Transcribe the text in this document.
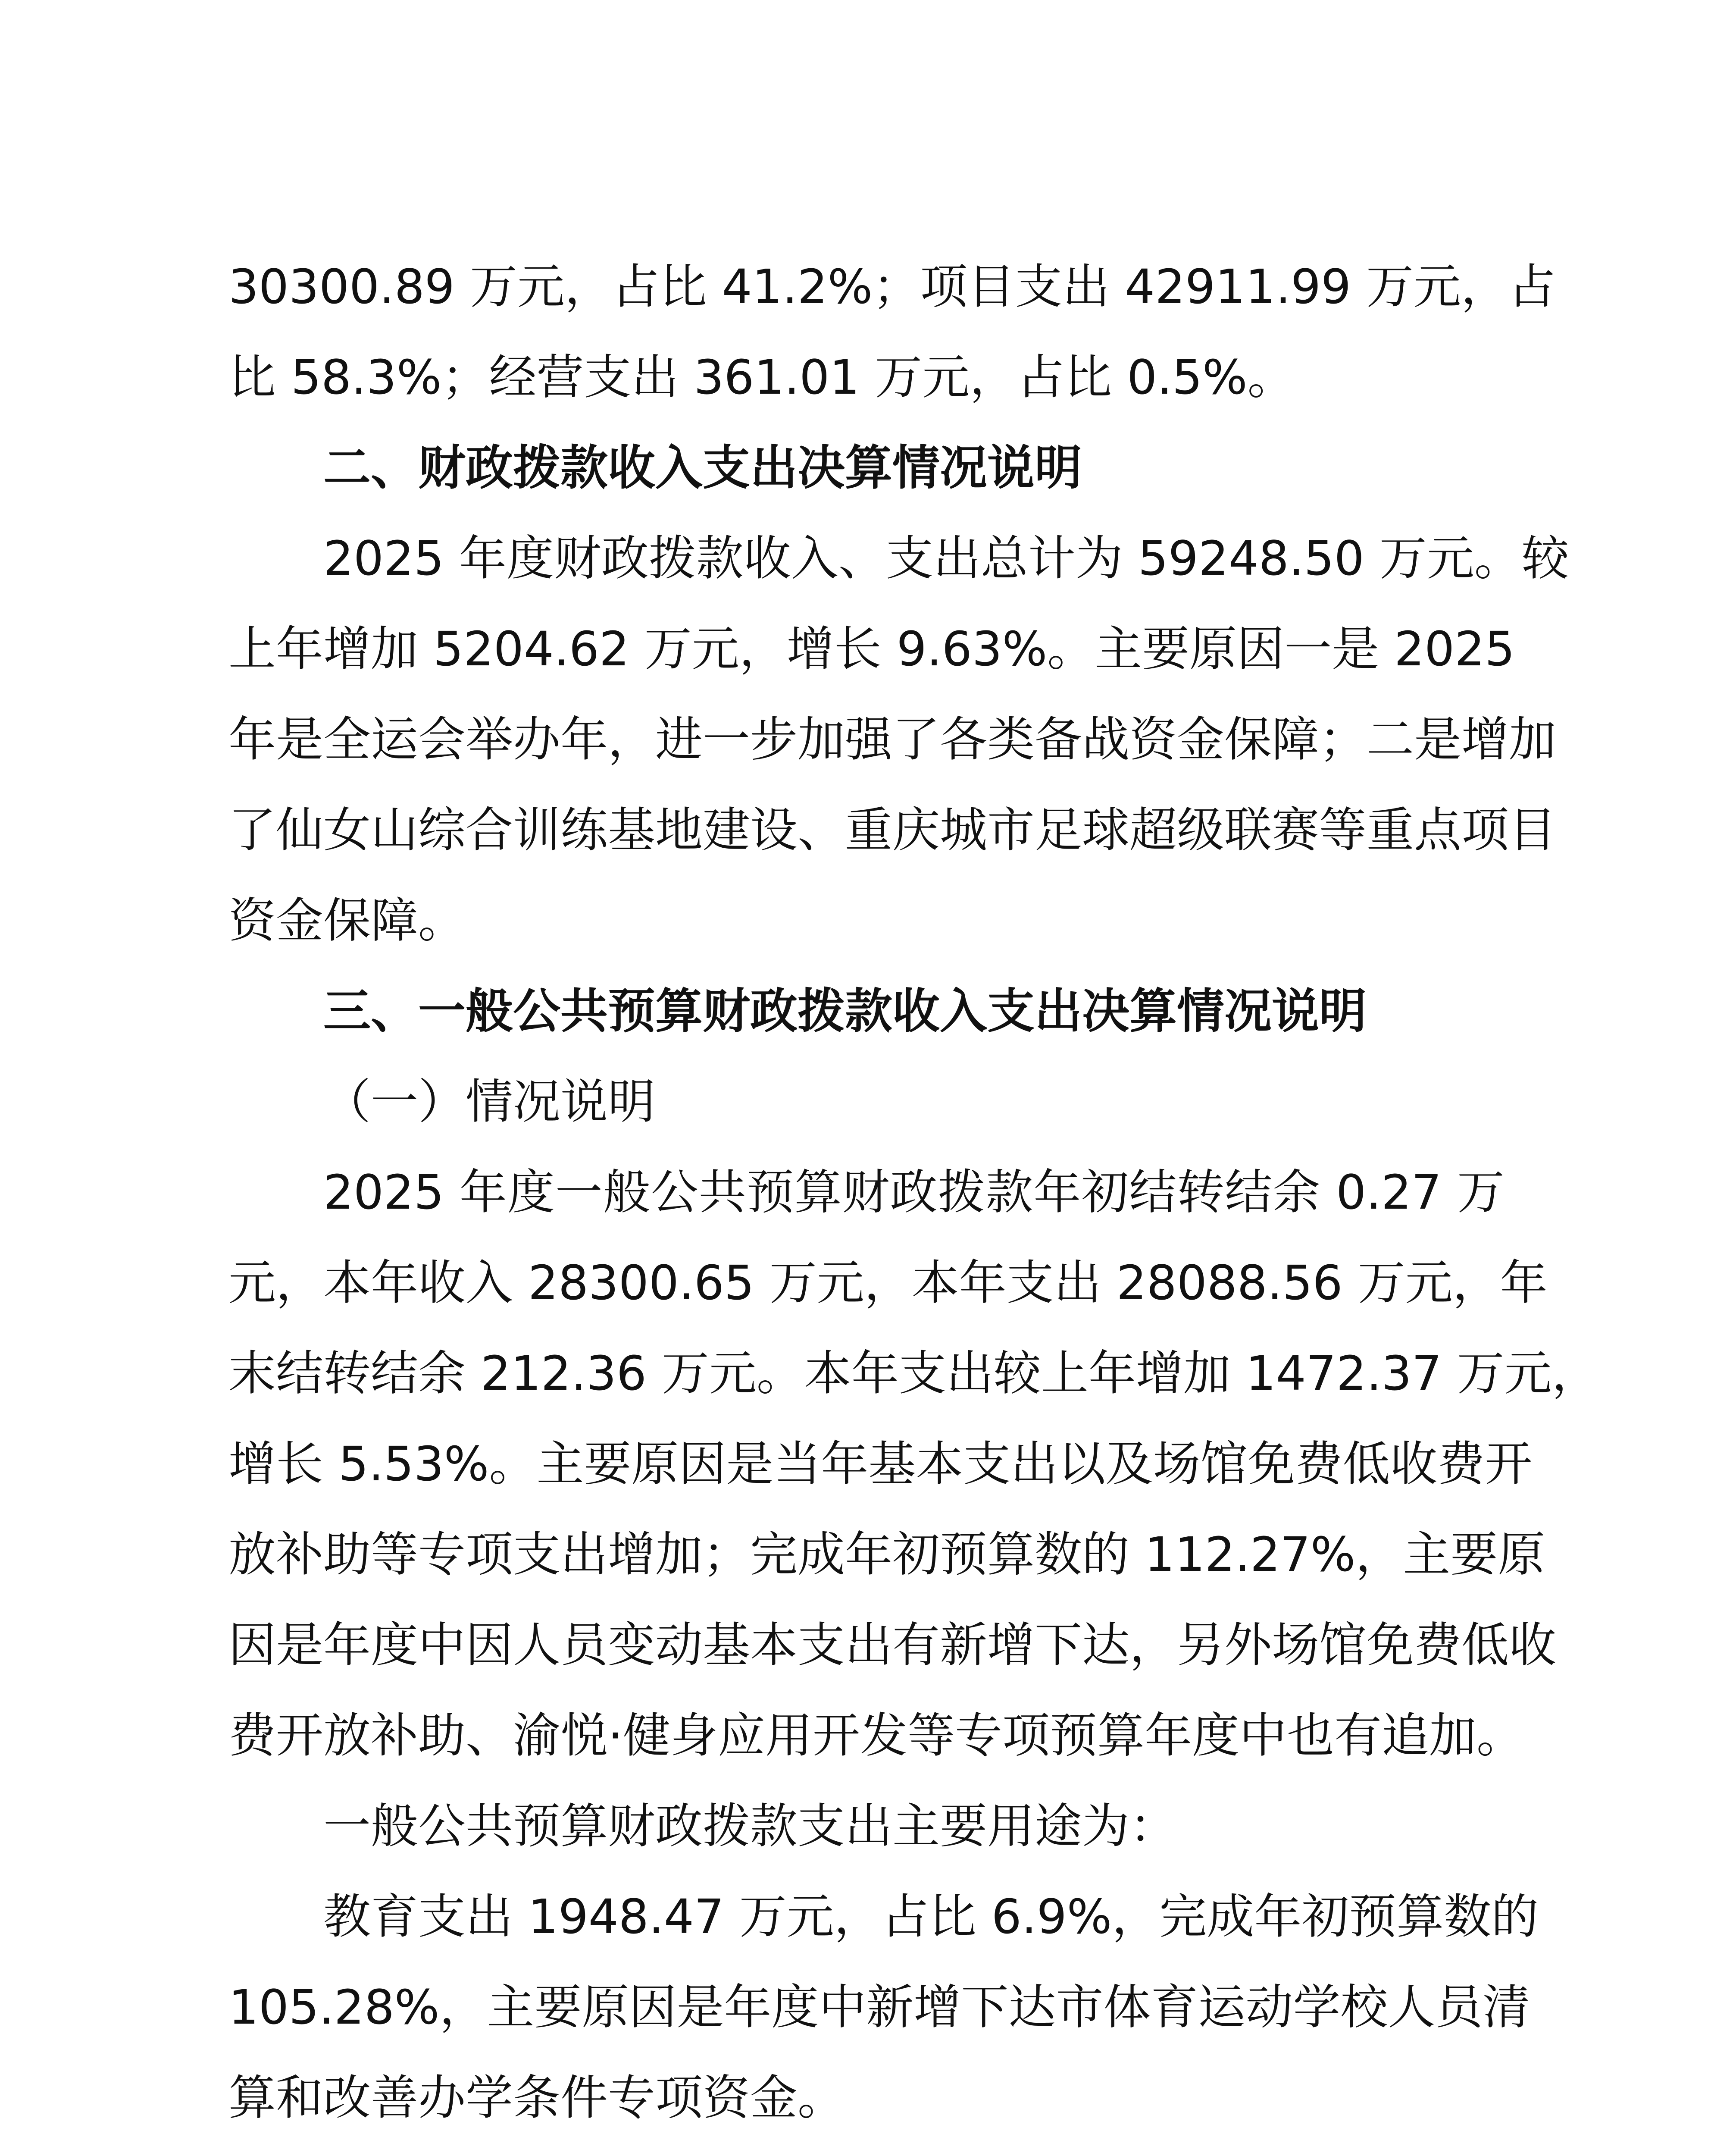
30300.89 万元，占比 41.2%；项目支出 42911.99 万元，占
比 58.3%；经营支出 361.01 万元，占比 0.5%。
二、财政拨款收入支出决算情况说明
2025 年度财政拨款收入、支出总计为 59248.50 万元。较
上年增加 5204.62 万元，增长 9.63%。主要原因一是 2025
年是全运会举办年，进一步加强了各类备战资金保障；二是增加
了仙女山综合训练基地建设、重庆城市足球超级联赛等重点项目
资金保障。
三、一般公共预算财政拨款收入支出决算情况说明
（一）情况说明
2025 年度一般公共预算财政拨款年初结转结余 0.27 万
元，本年收入 28300.65 万元，本年支出 28088.56 万元，年
末结转结余 212.36 万元。本年支出较上年增加 1472.37 万元，
增长 5.53%。主要原因是当年基本支出以及场馆免费低收费开
放补助等专项支出增加；完成年初预算数的 112.27%，主要原
因是年度中因人员变动基本支出有新增下达，另外场馆免费低收
费开放补助、渝悦·健身应用开发等专项预算年度中也有追加。
一般公共预算财政拨款支出主要用途为：
教育支出 1948.47 万元，占比 6.9%，完成年初预算数的
105.28%，主要原因是年度中新增下达市体育运动学校人员清
算和改善办学条件专项资金。
